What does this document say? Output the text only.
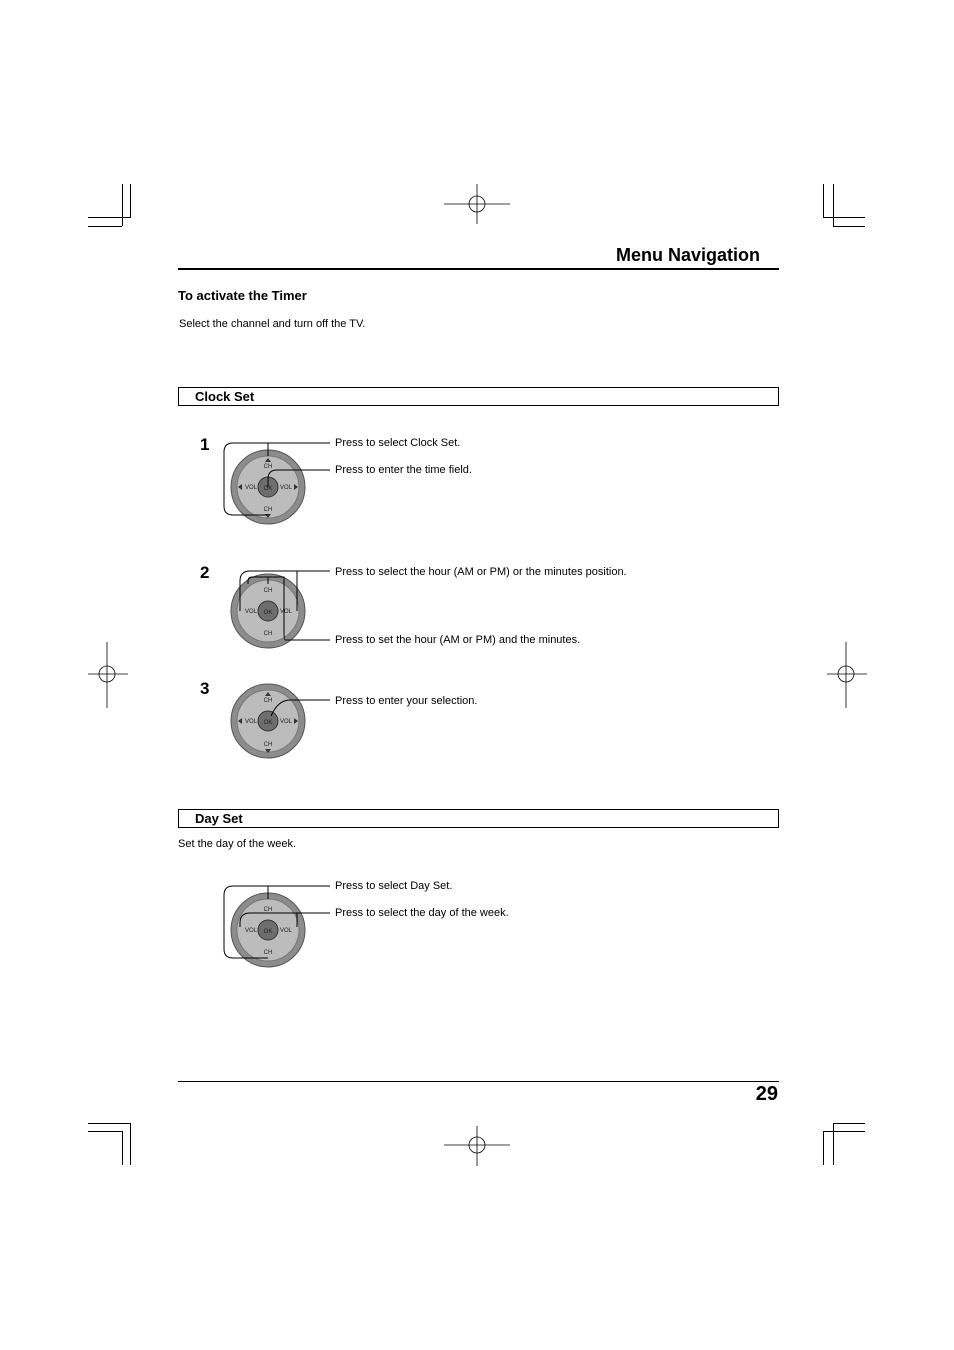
Menu Navigation
To activate the Timer
Select the channel and turn off the TV.
Clock Set
1
OK
CH
CH
VOL	VOL
Press to select Clock Set.
Press to enter the time field.
2
OK
CH
CH
VOL	VOL
Press to select the hour (AM or PM) or the minutes position.
Press to set the hour (AM or PM) and the minutes.
3
OK
CH
CH
VOL	VOL
Press to enter your selection.
Day Set
Set the day of the week.
OK
CH
CH
VOL	VOL
Press to select Day Set.
Press to select the day of the week.
29
